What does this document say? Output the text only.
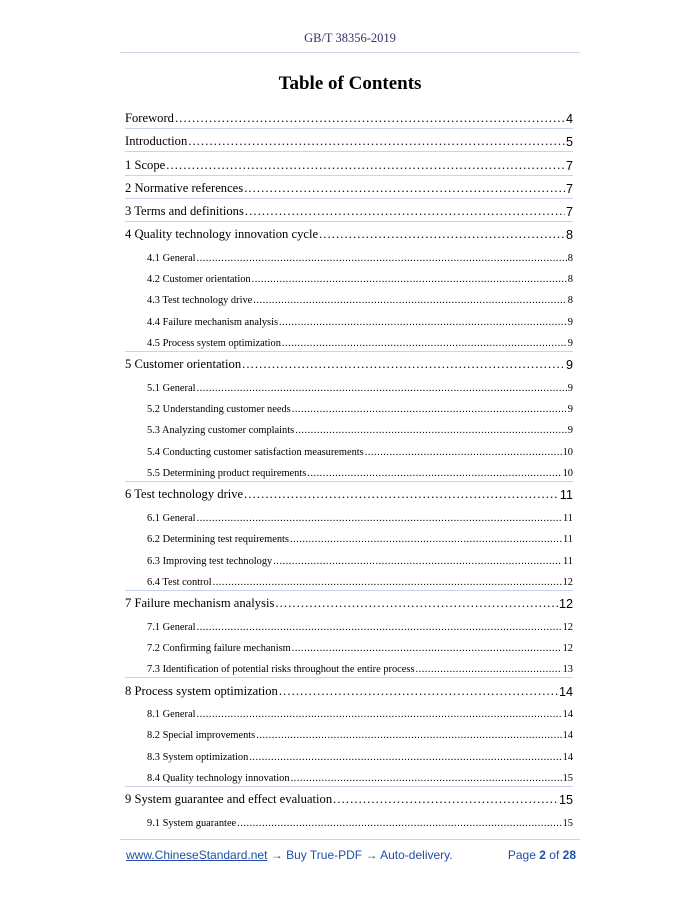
GB/T 38356-2019
Table of Contents
Foreword .....	4
Introduction .....	5
1 Scope .....	7
2 Normative references .....	7
3 Terms and definitions .....	7
4 Quality technology innovation cycle .....	8
4.1 General .....	8
4.2 Customer orientation .....	8
4.3 Test technology drive .....	8
4.4 Failure mechanism analysis .....	9
4.5 Process system optimization .....	9
5 Customer orientation .....	9
5.1 General .....	9
5.2 Understanding customer needs .....	9
5.3 Analyzing customer complaints .....	9
5.4 Conducting customer satisfaction measurements .....	10
5.5 Determining product requirements .....	10
6 Test technology drive .....	11
6.1 General .....	11
6.2 Determining test requirements .....	11
6.3 Improving test technology .....	11
6.4 Test control .....	12
7 Failure mechanism analysis .....	12
7.1 General .....	12
7.2 Confirming failure mechanism .....	12
7.3 Identification of potential risks throughout the entire process .....	13
8 Process system optimization .....	14
8.1 General .....	14
8.2 Special improvements .....	14
8.3 System optimization .....	14
8.4 Quality technology innovation .....	15
9 System guarantee and effect evaluation .....	15
9.1 System guarantee .....	15
www.ChineseStandard.net → Buy True-PDF → Auto-delivery.	Page 2 of 28
